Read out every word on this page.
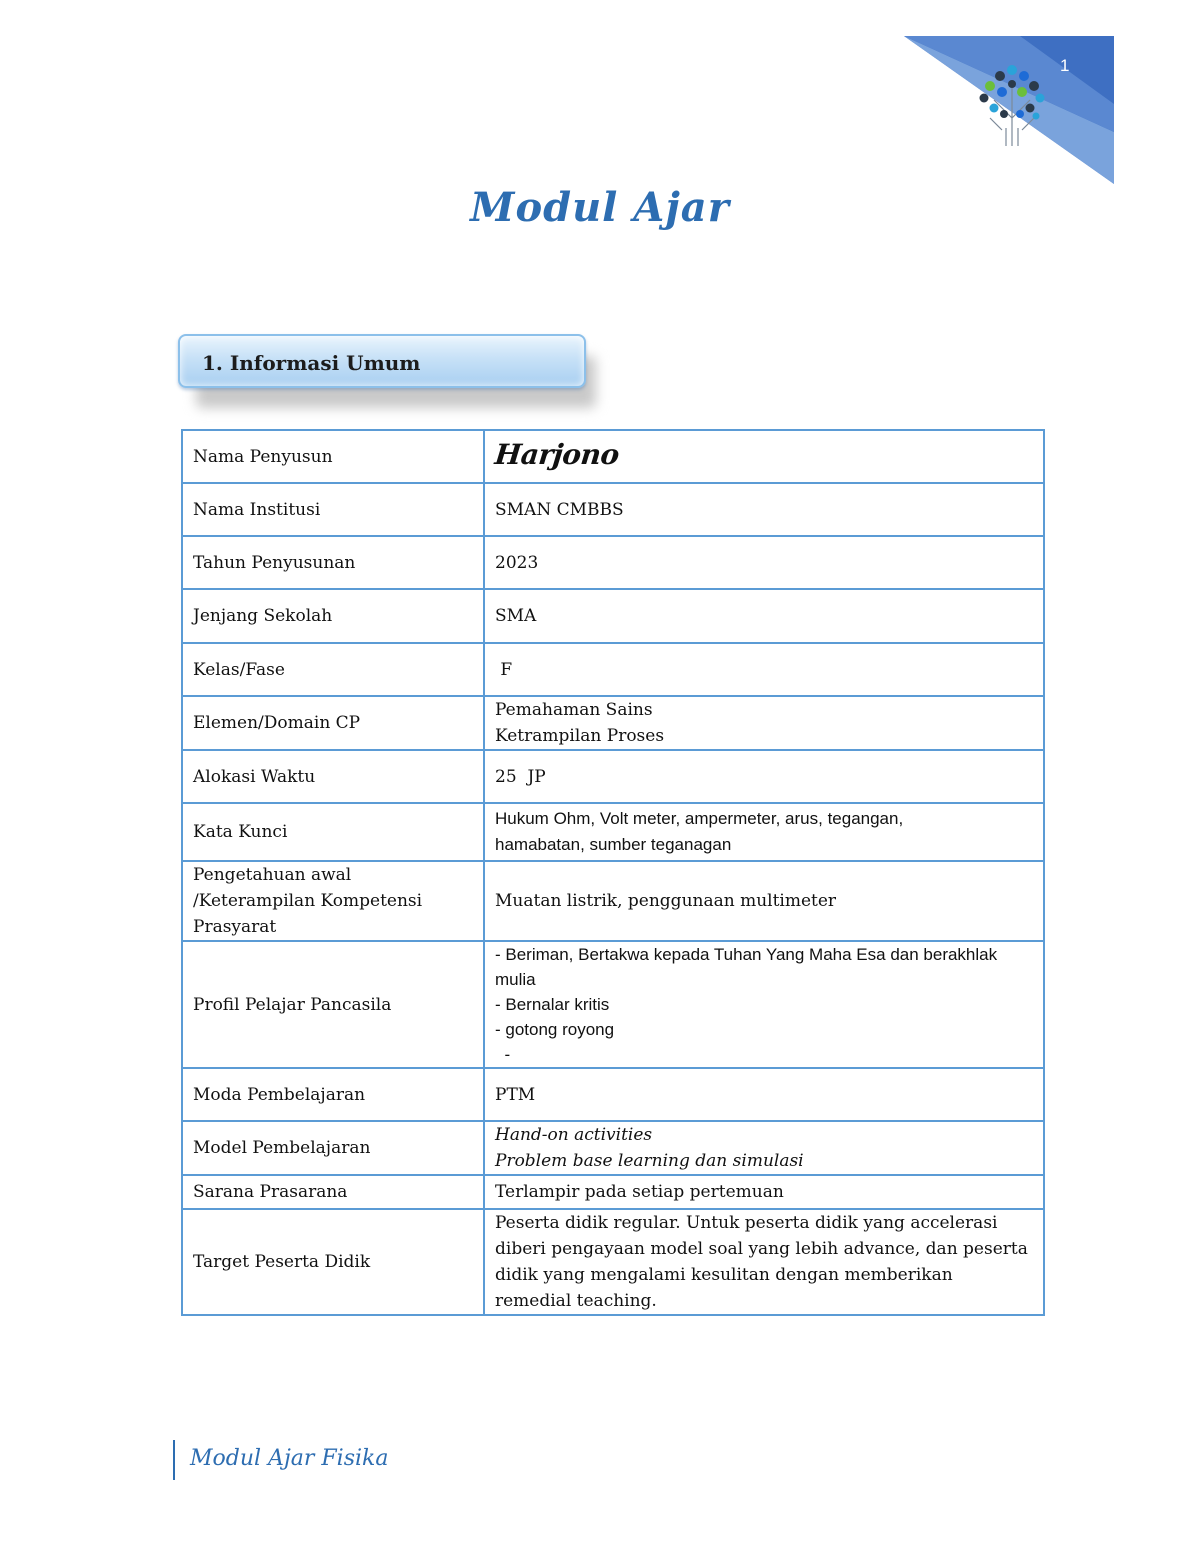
1
Modul Ajar
1. Informasi Umum
Nama Penyusun	Harjono
Nama Institusi	SMAN CMBBS
Tahun Penyusunan	2023
Jenjang Sekolah	SMA
Kelas/Fase	F
Elemen/Domain CP	Pemahaman Sains
Ketrampilan Proses

Alokasi Waktu	25  JP
Kata Kunci	Hukum Ohm, Volt meter, ampermeter, arus, tegangan,
hamabatan, sumber teganagan

Pengetahuan awal /Keterampilan Kompetensi Prasyarat	Muatan listrik, penggunaan multimeter
Profil Pelajar Pancasila	- Beriman, Bertakwa kepada Tuhan Yang Maha Esa dan berakhlak mulia
- Bernalar kritis
- gotong royong
-

Moda Pembelajaran	PTM
Model Pembelajaran	Hand-on activities
Problem base learning dan simulasi

Sarana Prasarana	Terlampir pada setiap pertemuan
Target Peserta Didik	Peserta didik regular. Untuk peserta didik yang accelerasi diberi pengayaan model soal yang lebih advance, dan peserta didik yang mengalami kesulitan dengan memberikan remedial teaching.
Modul Ajar Fisika
